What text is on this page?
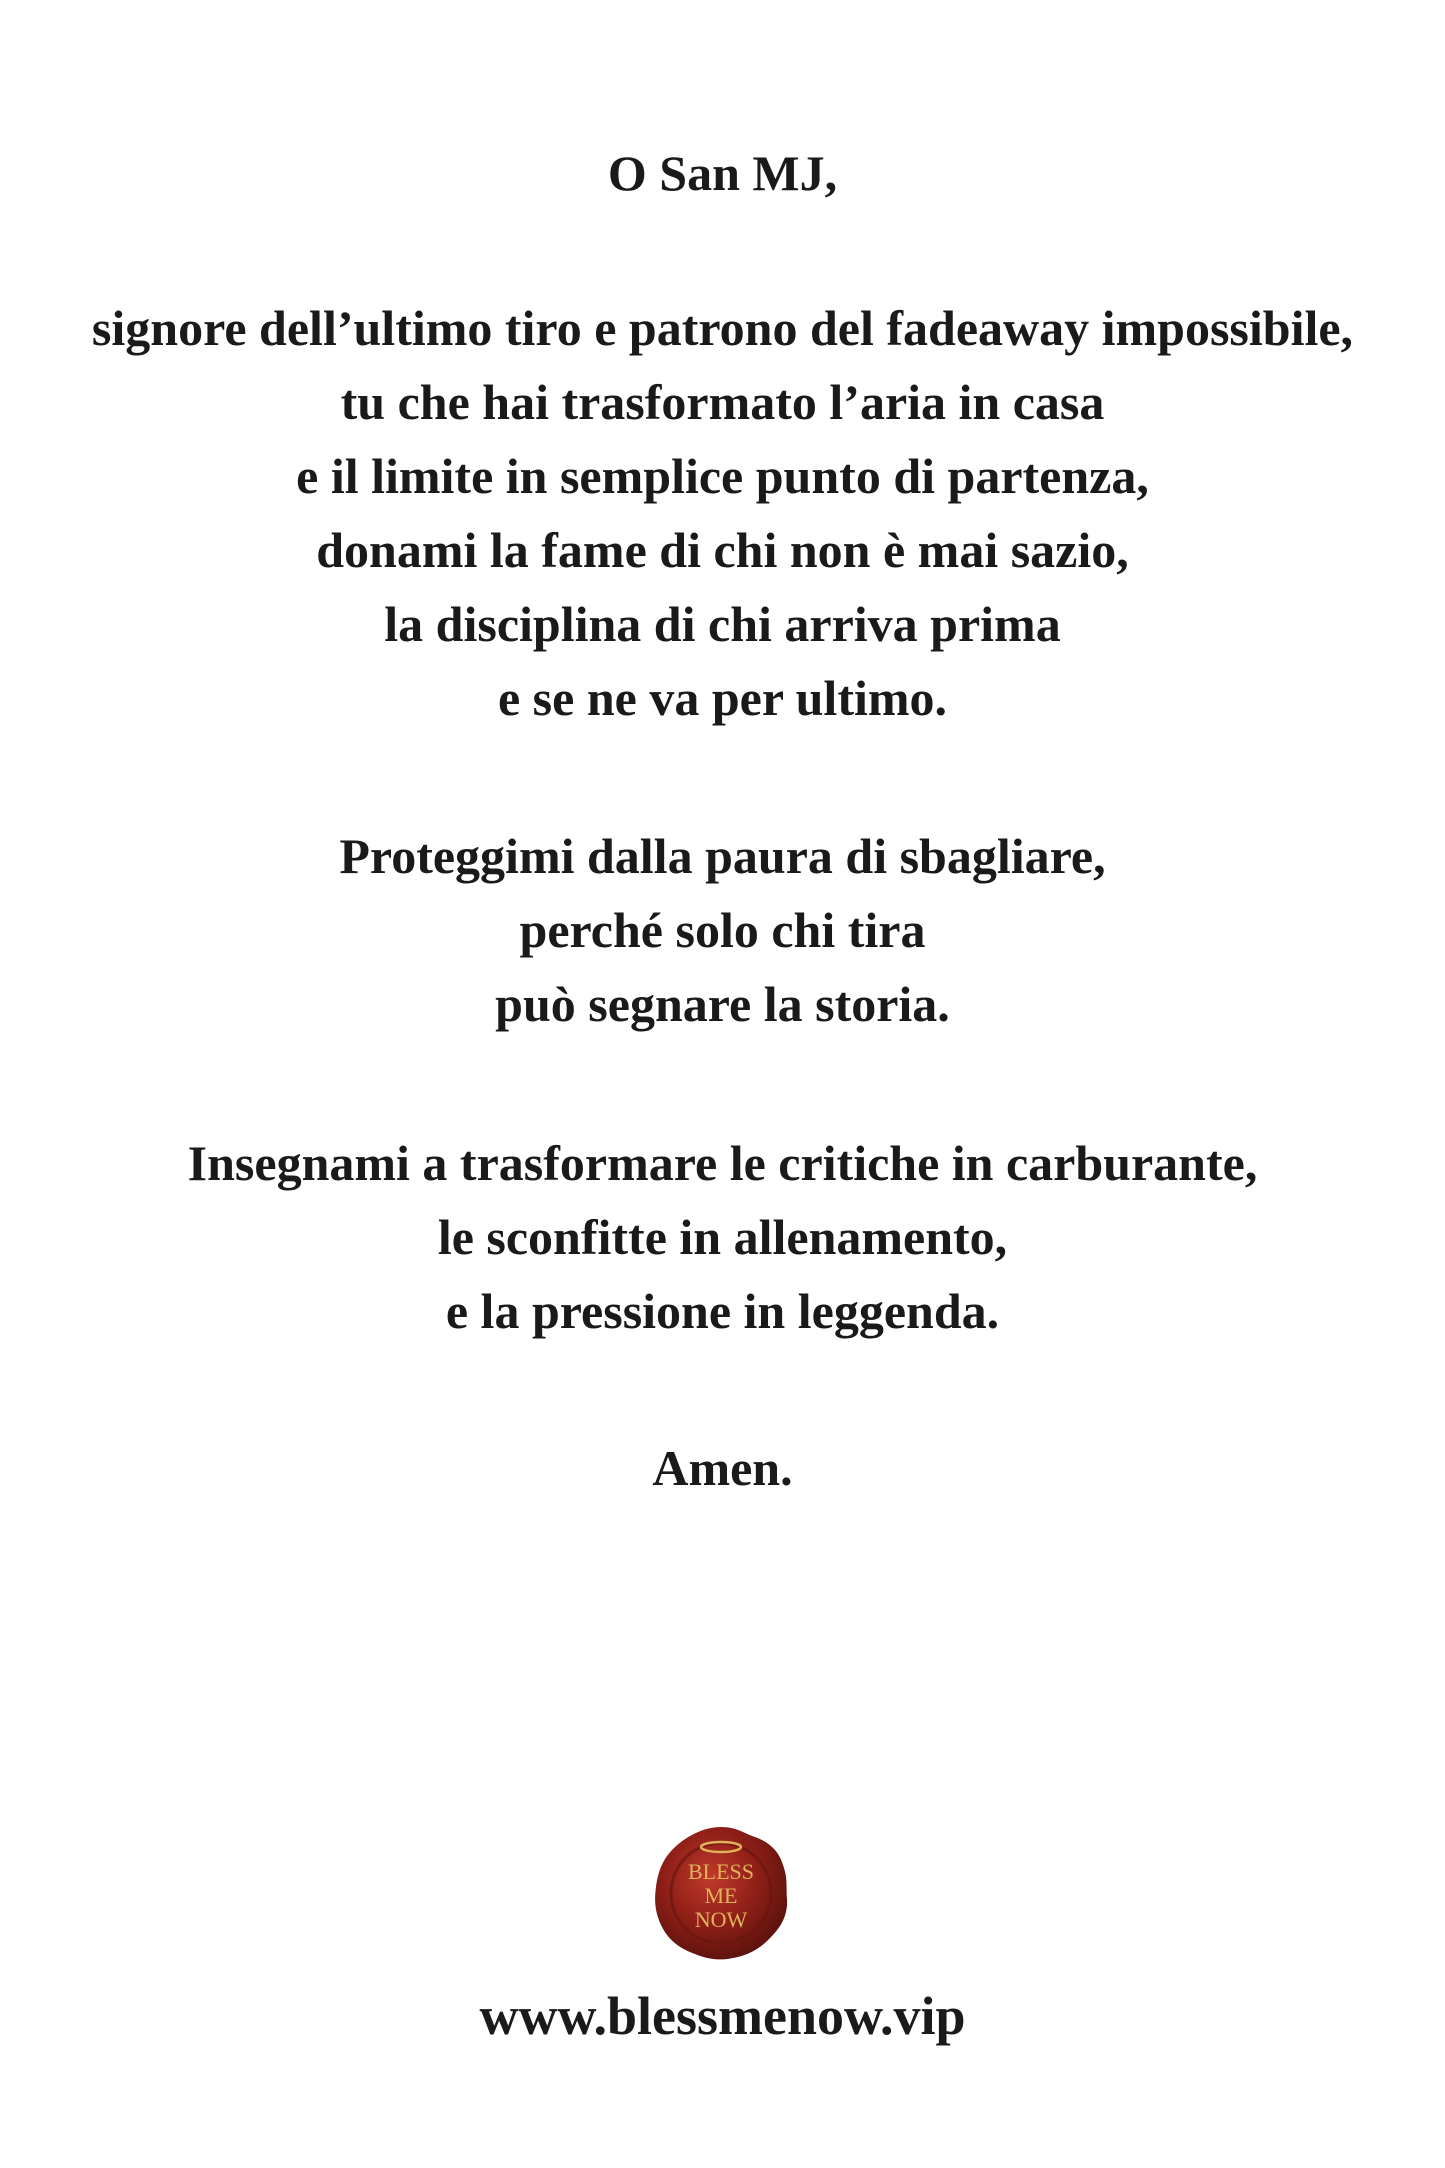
O San MJ,
signore dell’ultimo tiro e patrono del fadeaway impossibile,
tu che hai trasformato l’aria in casa
e il limite in semplice punto di partenza,
donami la fame di chi non è mai sazio,
la disciplina di chi arriva prima
e se ne va per ultimo.
Proteggimi dalla paura di sbagliare,
perché solo chi tira
può segnare la storia.
Insegnami a trasformare le critiche in carburante,
le sconfitte in allenamento,
e la pressione in leggenda.
Amen.
BLESS
ME
NOW
www.blessmenow.vip
